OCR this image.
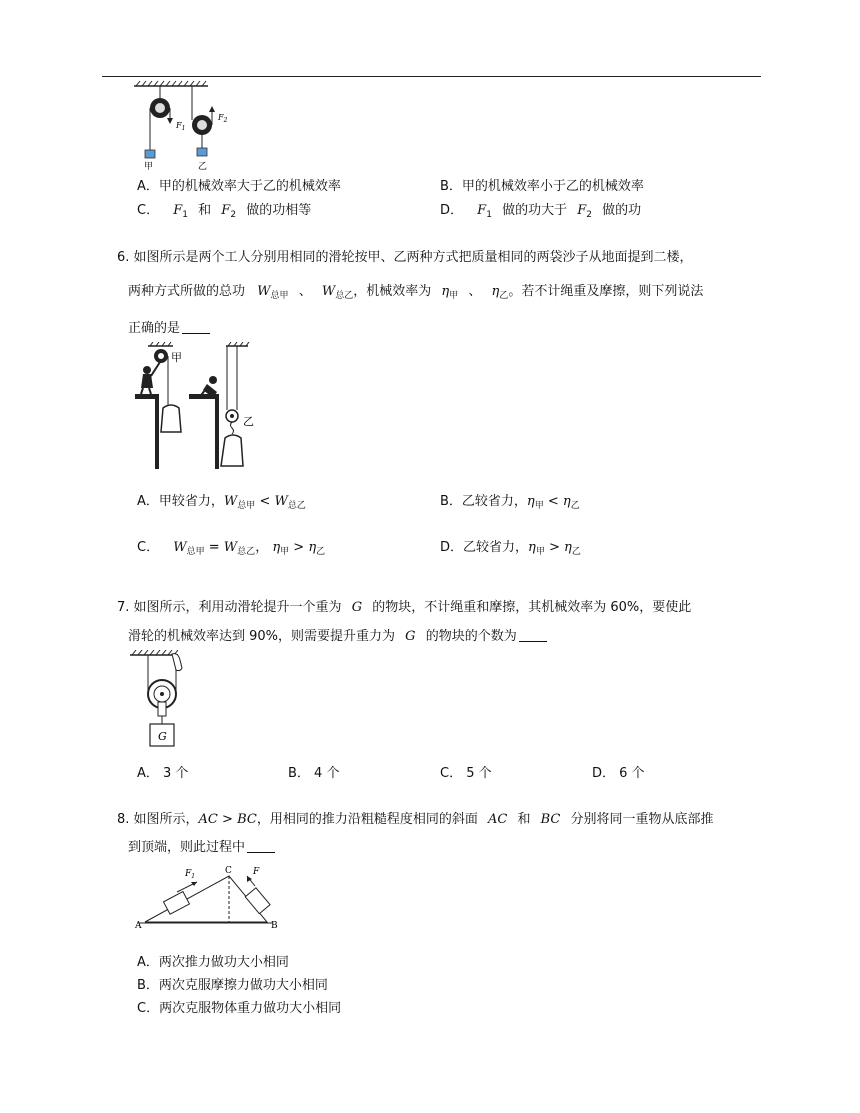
$F_1$
$F_2$
甲	乙
A．甲的机械效率大于乙的机械效率	B．甲的机械效率小于乙的机械效率
C． $F_1$ 和 $F_2$ 做的功相等	D． $F_1$ 做的功大于 $F_2$ 做的功
6. 如图所示是两个工人分别用相同的滑轮按甲、乙两种方式把质量相同的两袋沙子从地面提到二楼，
两种方式所做的总功 $W_{总甲}$ 、 $W_{总乙}$，机械效率为 $\eta_甲$ 、 $\eta_乙$。若不计绳重及摩擦，则下列说法
正确的是
甲
乙
A．甲较省力，$W_{总甲} < W_{总乙}$	B．乙较省力，$\eta_甲 < \eta_乙$
C． $W_{总甲} = W_{总乙}$， $\eta_甲 > \eta_乙$	D．乙较省力，$\eta_甲 > \eta_乙$
7. 如图所示，利用动滑轮提升一个重为 G 的物块，不计绳重和摩擦，其机械效率为 60%，要使此
滑轮的机械效率达到 90%，则需要提升重力为 G 的物块的个数为
G
A． 3 个	B． 4 个	C． 5 个	D． 6 个
8. 如图所示，AC > BC，用相同的推力沿粗糙程度相同的斜面 AC 和 BC 分别将同一重物从底部推
到顶端，则此过程中
$F_1$	F
C
A	B
A．两次推力做功大小相同
B．两次克服摩擦力做功大小相同
C．两次克服物体重力做功大小相同
